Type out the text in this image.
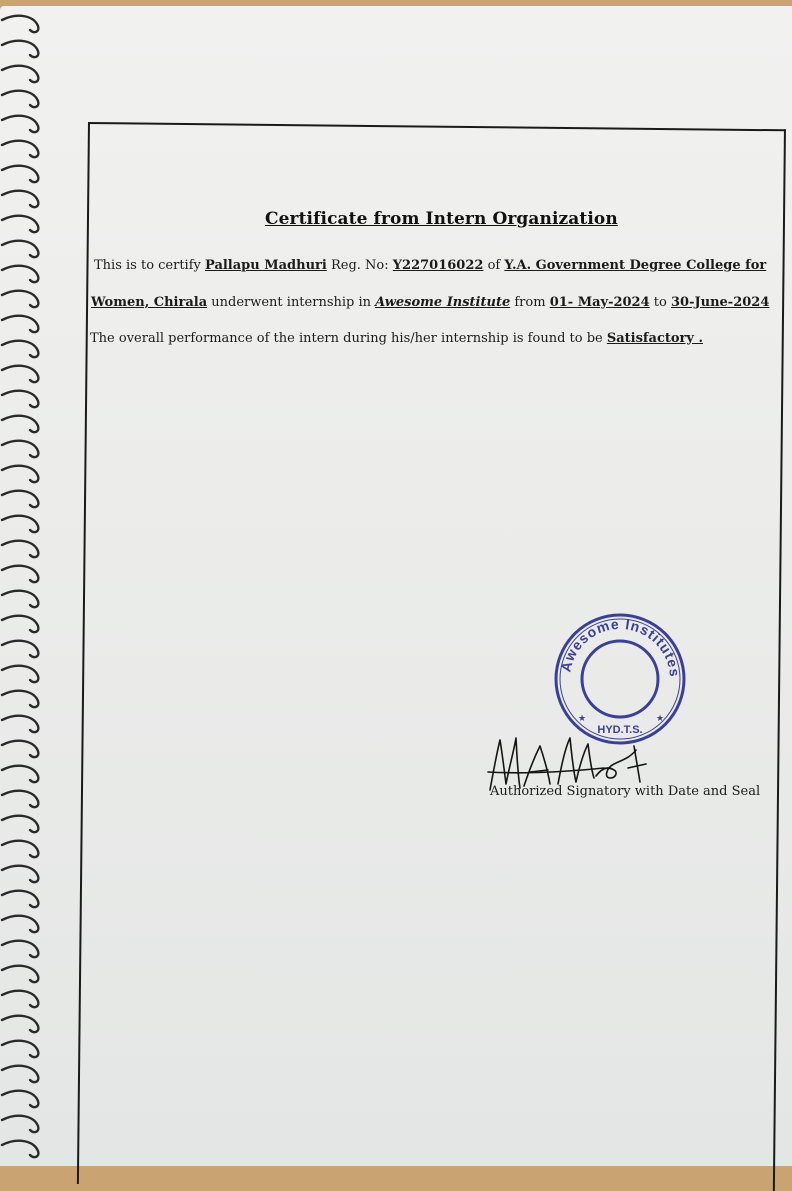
Certificate from Intern Organization
This is to certify Pallapu Madhuri Reg. No: Y227016022 of Y.A. Government Degree College for
Women, Chirala underwent internship in Awesome Institute from 01- May-2024 to 30-June-2024
The overall performance of the intern during his/her internship is found to be Satisfactory .
Awesome Institutes
HYD.T.S.
★	★
Authorized Signatory with Date and Seal
